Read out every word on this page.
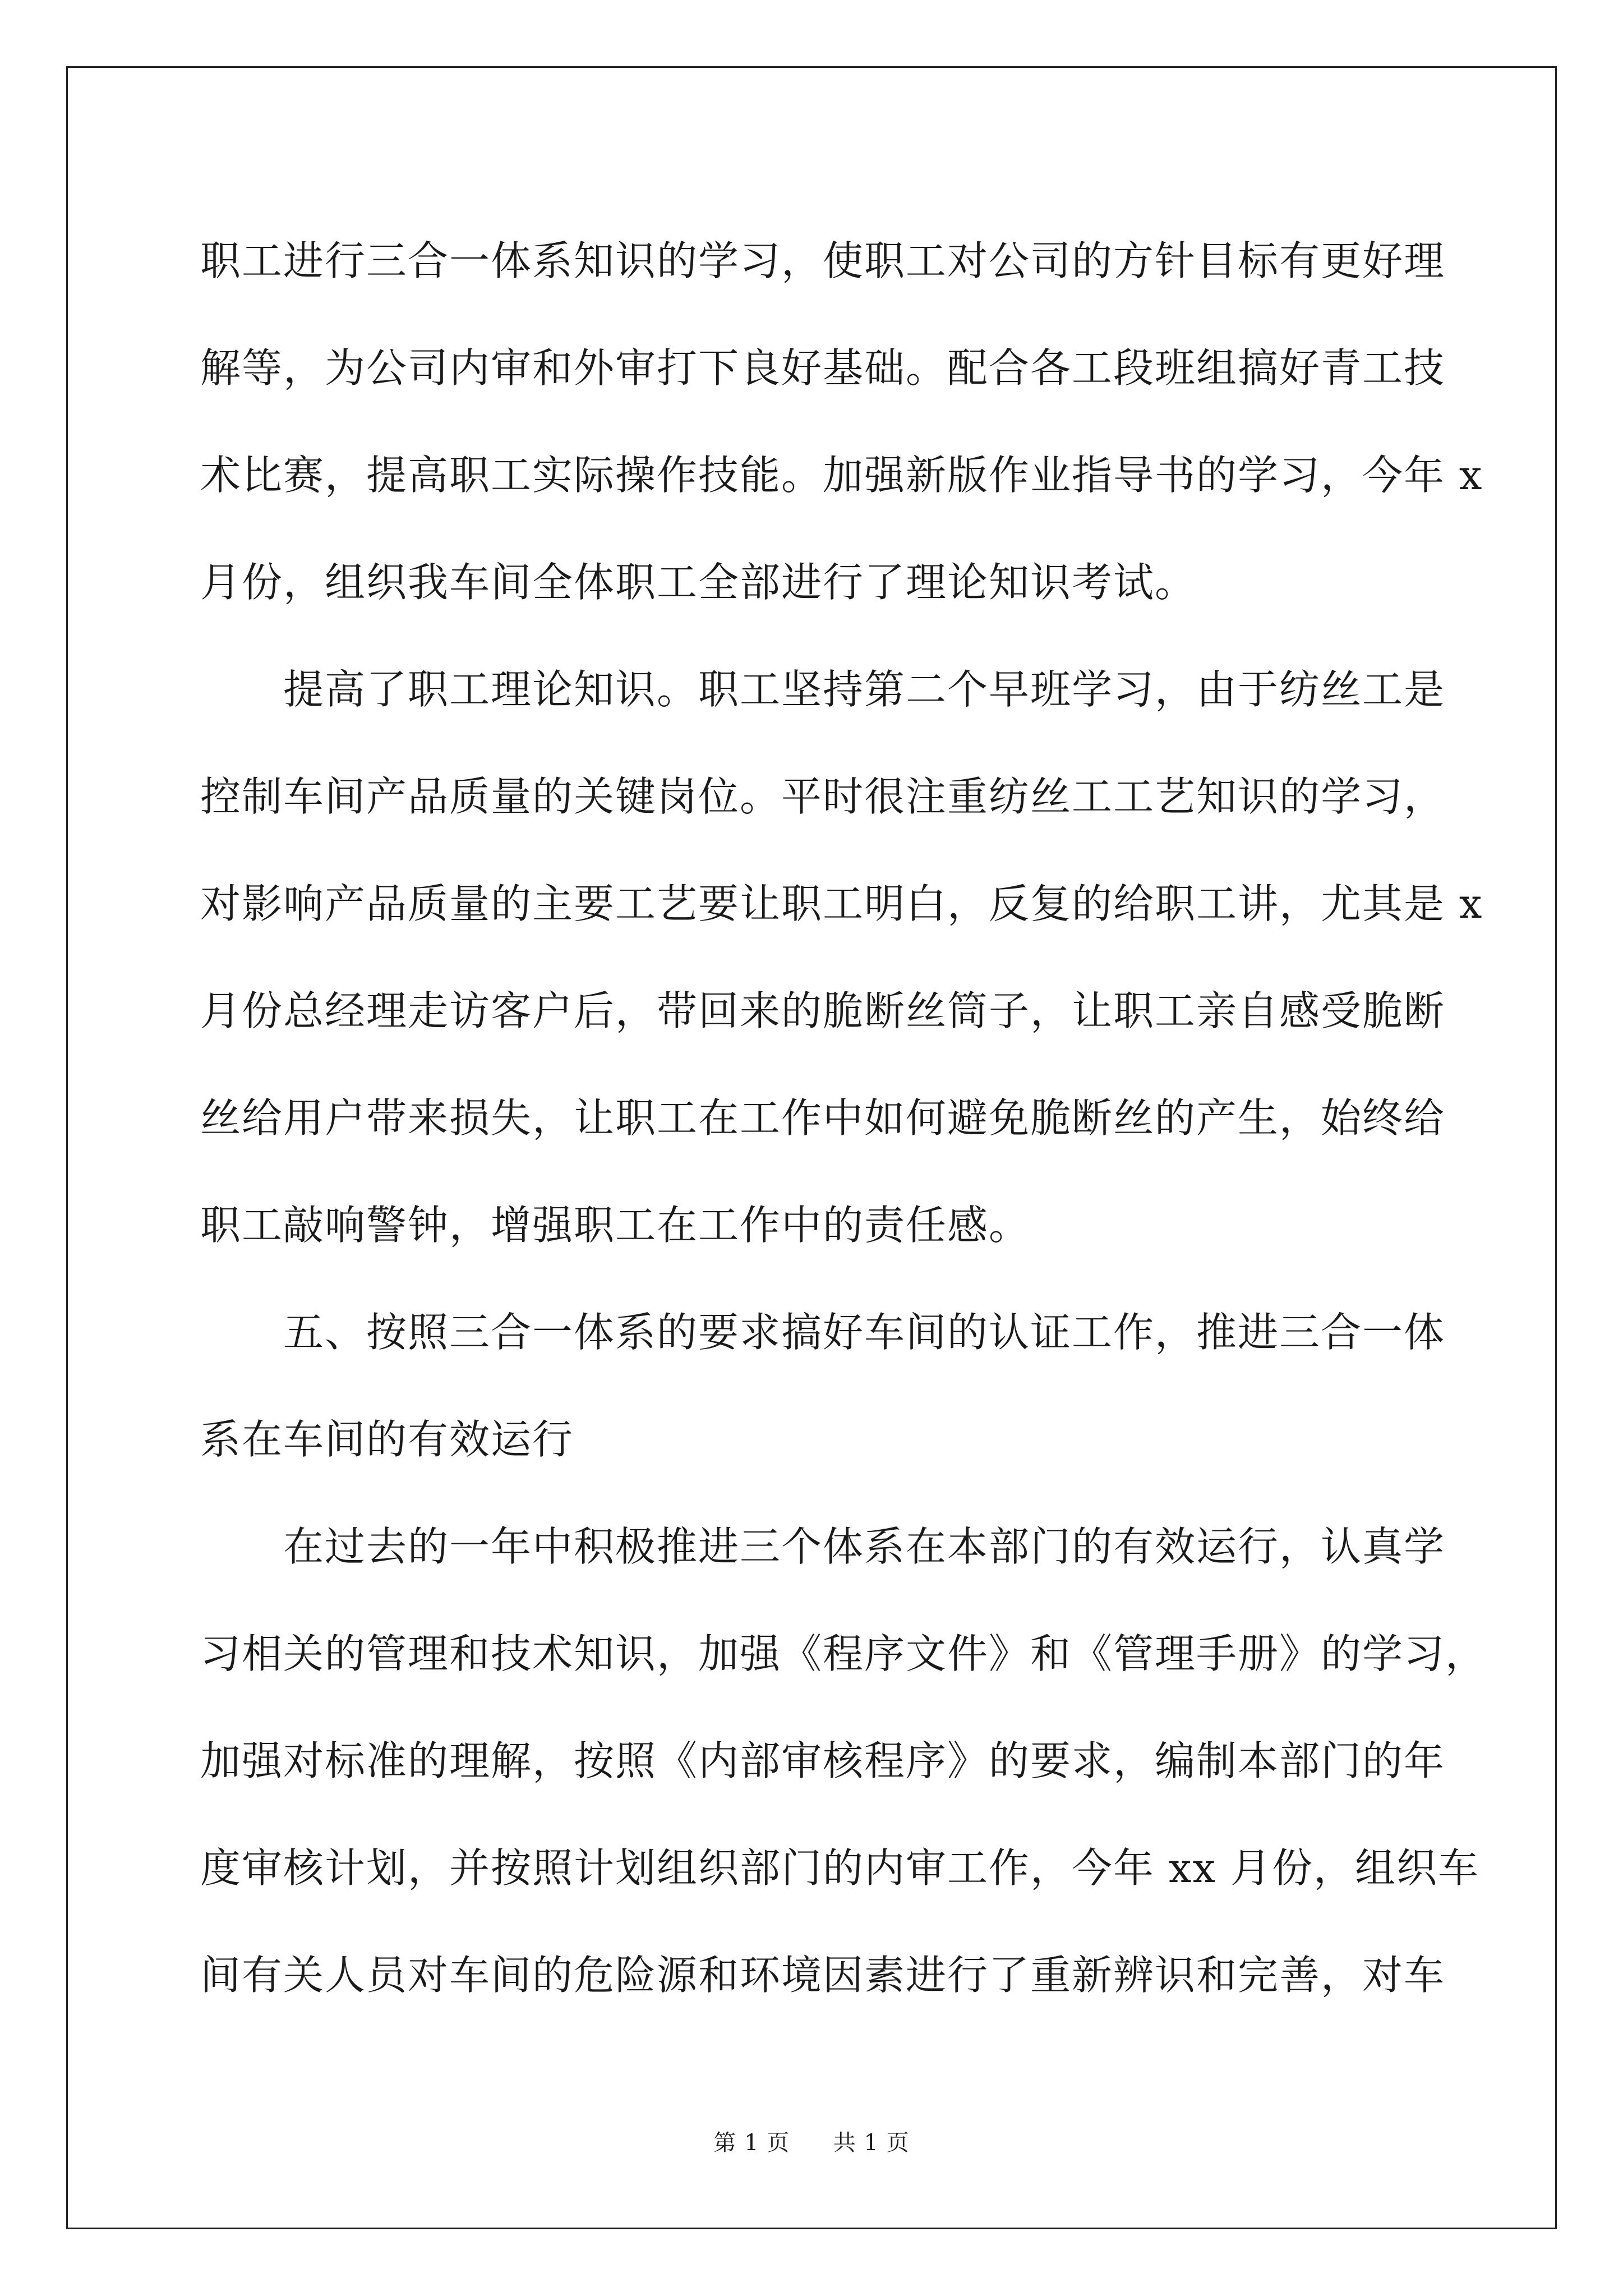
职工进行三合一体系知识的学习，使职工对公司的方针目标有更好理
解等，为公司内审和外审打下良好基础。配合各工段班组搞好青工技
术比赛，提高职工实际操作技能。加强新版作业指导书的学习，今年 x
月份，组织我车间全体职工全部进行了理论知识考试。
提高了职工理论知识。职工坚持第二个早班学习，由于纺丝工是
控制车间产品质量的关键岗位。平时很注重纺丝工工艺知识的学习，
对影响产品质量的主要工艺要让职工明白，反复的给职工讲，尤其是 x
月份总经理走访客户后，带回来的脆断丝筒子，让职工亲自感受脆断
丝给用户带来损失，让职工在工作中如何避免脆断丝的产生，始终给
职工敲响警钟，增强职工在工作中的责任感。
五、按照三合一体系的要求搞好车间的认证工作，推进三合一体
系在车间的有效运行
在过去的一年中积极推进三个体系在本部门的有效运行，认真学
习相关的管理和技术知识，加强《程序文件》和《管理手册》的学习，
加强对标准的理解，按照《内部审核程序》的要求，编制本部门的年
度审核计划，并按照计划组织部门的内审工作，今年 xx 月份，组织车
间有关人员对车间的危险源和环境因素进行了重新辨识和完善，对车
第 1 页 共 1 页
